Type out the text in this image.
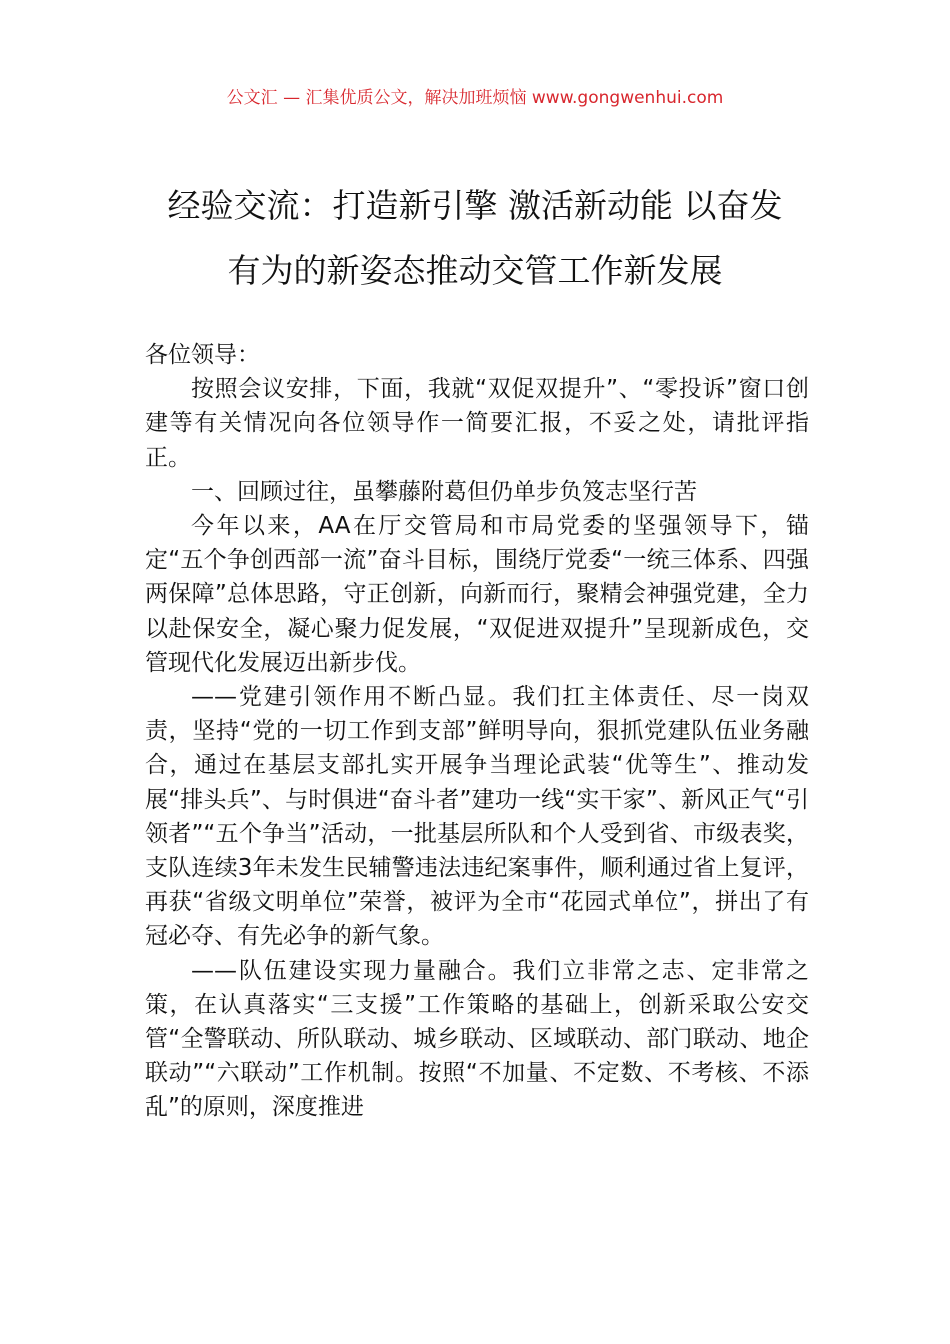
公文汇 — 汇集优质公文，解决加班烦恼 www.gongwenhui.com
经验交流：打造新引擎 激活新动能 以奋发
有为的新姿态推动交管工作新发展

各位领导：

按照会议安排，下面，我就“双促双提升”、“零投诉”窗口创建等有关情况向各位领导作一简要汇报，不妥之处，请批评指正。

一、回顾过往，虽攀藤附葛但仍单步负笈志坚行苦

今年以来，AA在厅交管局和市局党委的坚强领导下，锚定“五个争创西部一流”奋斗目标，围绕厅党委“一统三体系、四强两保障”总体思路，守正创新，向新而行，聚精会神强党建，全力以赴保安全，凝心聚力促发展，“双促进双提升”呈现新成色，交管现代化发展迈出新步伐。

——党建引领作用不断凸显。我们扛主体责任、尽一岗双责，坚持“党的一切工作到支部”鲜明导向，狠抓党建队伍业务融合，通过在基层支部扎实开展争当理论武装“优等生”、推动发展“排头兵”、与时俱进“奋斗者”建功一线“实干家”、新风正气“引领者”“五个争当”活动，一批基层所队和个人受到省、市级表奖，支队连续3年未发生民辅警违法违纪案事件，顺利通过省上复评，再获“省级文明单位”荣誉，被评为全市“花园式单位”，拼出了有冠必夺、有先必争的新气象。

——队伍建设实现力量融合。我们立非常之志、定非常之策，在认真落实“三支援”工作策略的基础上，创新采取公安交管“全警联动、所队联动、城乡联动、区域联动、部门联动、地企联动”“六联动”工作机制。按照“不加量、不定数、不考核、不添乱”的原则，深度推进
